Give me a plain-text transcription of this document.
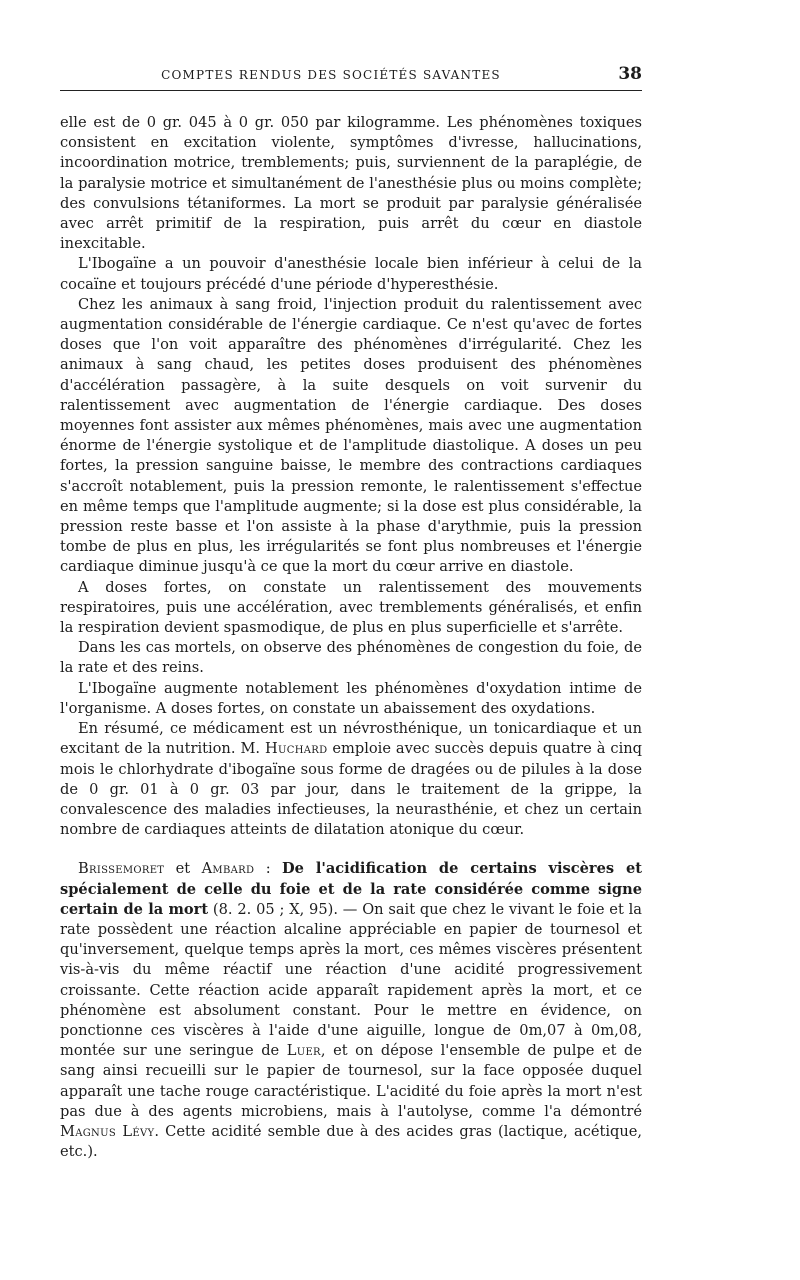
COMPTES RENDUS DES SOCIÉTÉS SAVANTES	38

elle est de 0 gr. 045 à 0 gr. 050 par kilogramme. Les phénomènes toxiques consistent en excitation violente, symptômes d'ivresse, hallucinations, incoordination motrice, tremblements; puis, surviennent de la paraplégie, de la paralysie motrice et simultanément de l'anesthésie plus ou moins complète; des convulsions tétaniformes. La mort se produit par paralysie généralisée avec arrêt primitif de la respiration, puis arrêt du cœur en diastole inexcitable.

L'Ibogaïne a un pouvoir d'anesthésie locale bien inférieur à celui de la cocaïne et toujours précédé d'une période d'hyperesthésie.

Chez les animaux à sang froid, l'injection produit du ralentissement avec augmentation considérable de l'énergie cardiaque. Ce n'est qu'avec de fortes doses que l'on voit apparaître des phénomènes d'irrégularité. Chez les animaux à sang chaud, les petites doses produisent des phénomènes d'accélération passagère, à la suite desquels on voit survenir du ralentissement avec augmentation de l'énergie cardiaque. Des doses moyennes font assister aux mêmes phénomènes, mais avec une augmentation énorme de l'énergie systolique et de l'amplitude diastolique. A doses un peu fortes, la pression sanguine baisse, le membre des contractions cardiaques s'accroît notablement, puis la pression remonte, le ralentissement s'effectue en même temps que l'amplitude augmente; si la dose est plus considérable, la pression reste basse et l'on assiste à la phase d'arythmie, puis la pression tombe de plus en plus, les irrégularités se font plus nombreuses et l'énergie cardiaque diminue jusqu'à ce que la mort du cœur arrive en diastole.

A doses fortes, on constate un ralentissement des mouvements respiratoires, puis une accélération, avec tremblements généralisés, et enfin la respiration devient spasmodique, de plus en plus superficielle et s'arrête.

Dans les cas mortels, on observe des phénomènes de congestion du foie, de la rate et des reins.

L'Ibogaïne augmente notablement les phénomènes d'oxydation intime de l'organisme. A doses fortes, on constate un abaissement des oxydations.

En résumé, ce médicament est un névrosthénique, un tonicardiaque et un excitant de la nutrition. M. Huchard emploie avec succès depuis quatre à cinq mois le chlorhydrate d'ibogaïne sous forme de dragées ou de pilules à la dose de 0 gr. 01 à 0 gr. 03 par jour, dans le traitement de la grippe, la convalescence des maladies infectieuses, la neurasthénie, et chez un certain nombre de cardiaques atteints de dilatation atonique du cœur.

Brissemoret et Ambard : De l'acidification de certains viscères et spécialement de celle du foie et de la rate considérée comme signe certain de la mort (8. 2. 05 ; X, 95). — On sait que chez le vivant le foie et la rate possèdent une réaction alcaline appréciable en papier de tournesol et qu'inversement, quelque temps après la mort, ces mêmes viscères présentent vis-à-vis du même réactif une réaction d'une acidité progressivement croissante. Cette réaction acide apparaît rapidement après la mort, et ce phénomène est absolument constant. Pour le mettre en évidence, on ponctionne ces viscères à l'aide d'une aiguille, longue de 0m,07 à 0m,08, montée sur une seringue de Luer, et on dépose l'ensemble de pulpe et de sang ainsi recueilli sur le papier de tournesol, sur la face opposée duquel apparaît une tache rouge caractéristique. L'acidité du foie après la mort n'est pas due à des agents microbiens, mais à l'autolyse, comme l'a démontré Magnus Lévy. Cette acidité semble due à des acides gras (lactique, acétique, etc.).
